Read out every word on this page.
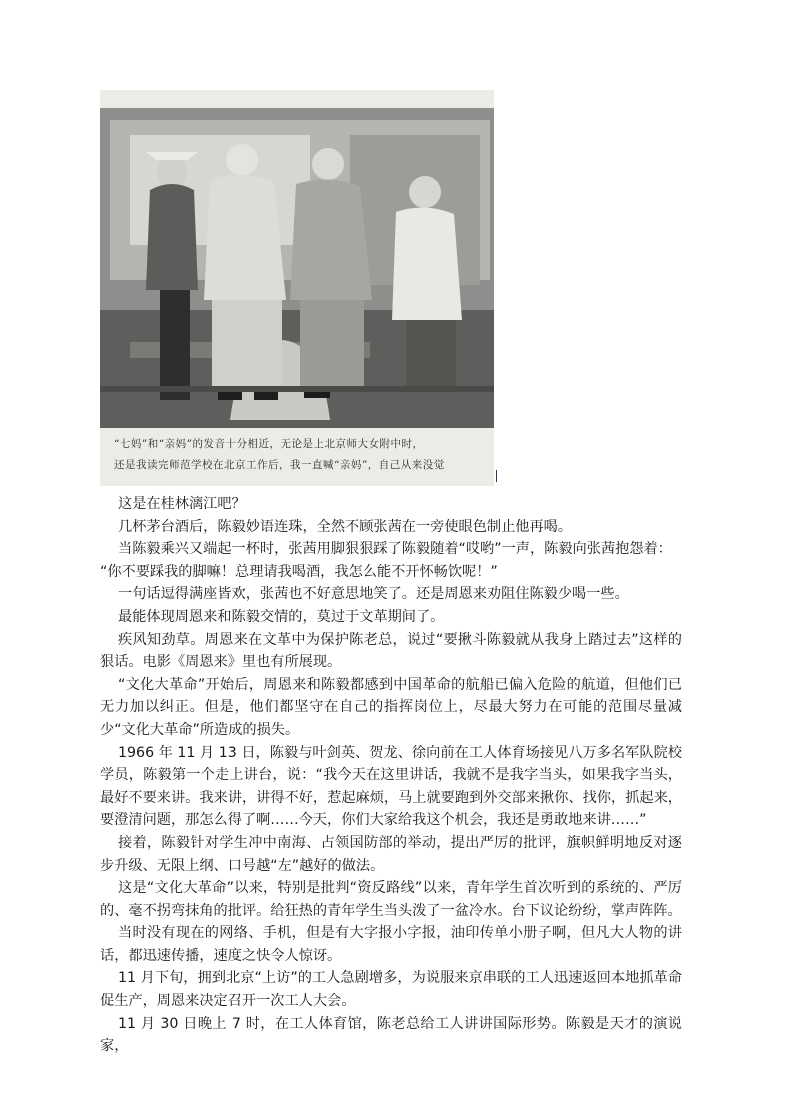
“七妈”和“亲妈”的发音十分相近，无论是上北京师大女附中时，
还是我读完师范学校在北京工作后，我一直喊“亲妈”，自己从来没觉

这是在桂林漓江吧？

几杯茅台酒后，陈毅妙语连珠，全然不顾张茜在一旁使眼色制止他再喝。

当陈毅乘兴又端起一杯时，张茜用脚狠狠踩了陈毅随着“哎哟”一声，陈毅向张茜抱怨着：

“你不要踩我的脚嘛！总理请我喝酒，我怎么能不开怀畅饮呢！”

一句话逗得满座皆欢，张茜也不好意思地笑了。还是周恩来劝阻住陈毅少喝一些。

最能体现周恩来和陈毅交情的，莫过于文革期间了。

疾风知劲草。周恩来在文革中为保护陈老总，说过“要揪斗陈毅就从我身上踏过去”这样的狠话。电影《周恩来》里也有所展现。

“文化大革命”开始后，周恩来和陈毅都感到中国革命的航船已偏入危险的航道，但他们已无力加以纠正。但是，他们都坚守在自己的指挥岗位上，尽最大努力在可能的范围尽量减少“文化大革命”所造成的损失。

1966 年 11 月 13 日，陈毅与叶剑英、贺龙、徐向前在工人体育场接见八万多名军队院校学员，陈毅第一个走上讲台，说：“我今天在这里讲话，我就不是我字当头，如果我字当头，最好不要来讲。我来讲，讲得不好，惹起麻烦，马上就要跑到外交部来揪你、找你，抓起来，要澄清问题，那怎么得了啊……今天，你们大家给我这个机会，我还是勇敢地来讲……”

接着，陈毅针对学生冲中南海、占领国防部的举动，提出严厉的批评，旗帜鲜明地反对逐步升级、无限上纲、口号越“左”越好的做法。

这是“文化大革命”以来，特别是批判“资反路线”以来，青年学生首次听到的系统的、严厉的、毫不拐弯抹角的批评。给狂热的青年学生当头泼了一盆冷水。台下议论纷纷，掌声阵阵。

当时没有现在的网络、手机，但是有大字报小字报，油印传单小册子啊，但凡大人物的讲话，都迅速传播，速度之快令人惊讶。

11 月下旬，拥到北京“上访”的工人急剧增多，为说服来京串联的工人迅速返回本地抓革命促生产，周恩来决定召开一次工人大会。

11 月 30 日晚上 7 时，在工人体育馆，陈老总给工人讲讲国际形势。陈毅是天才的演说家，
